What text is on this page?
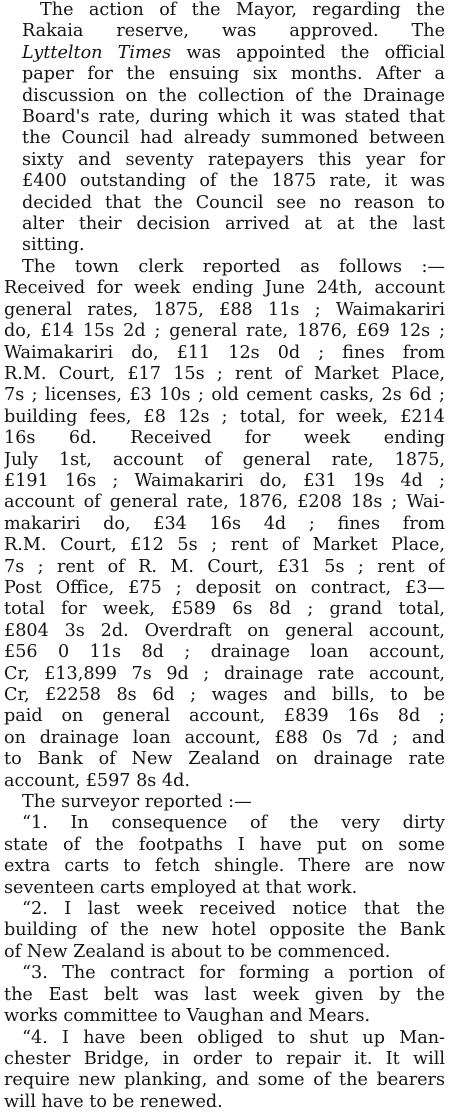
The action of the Mayor, regarding the
Rakaia reserve, was approved. The
Lyttelton Times was appointed the official
paper for the ensuing six months. After a
discussion on the collection of the Drainage
Board's rate, during which it was stated that
the Council had already summoned between
sixty and seventy ratepayers this year for
£400 outstanding of the 1875 rate, it was
decided that the Council see no reason to
alter their decision arrived at at the last
sitting.
The town clerk reported as follows :—
Received for week ending June 24th, account
general rates, 1875, £88 11s ; Waimakariri
do, £14 15s 2d ; general rate, 1876, £69 12s ;
Waimakariri do, £11 12s 0d ; fines from
R.M. Court, £17 15s ; rent of Market Place,
7s ; licenses, £3 10s ; old cement casks, 2s 6d ;
building fees, £8 12s ; total, for week, £214
16s 6d. Received for week ending
July 1st, account of general rate, 1875,
£191 16s ; Waimakariri do, £31 19s 4d ;
account of general rate, 1876, £208 18s ; Wai-
makariri do, £34 16s 4d ; fines from
R.M. Court, £12 5s ; rent of Market Place,
7s ; rent of R. M. Court, £31 5s ; rent of
Post Office, £75 ; deposit on contract, £3—
total for week, £589 6s 8d ; grand total,
£804 3s 2d. Overdraft on general account,
£56 0 11s 8d ; drainage loan account,
Cr, £13,899 7s 9d ; drainage rate account,
Cr, £2258 8s 6d ; wages and bills, to be
paid on general account, £839 16s 8d ;
on drainage loan account, £88 0s 7d ; and
to Bank of New Zealand on drainage rate
account, £597 8s 4d.
The surveyor reported :—
“1. In consequence of the very dirty
state of the footpaths I have put on some
extra carts to fetch shingle. There are now
seventeen carts employed at that work.
“2. I last week received notice that the
building of the new hotel opposite the Bank
of New Zealand is about to be commenced.
“3. The contract for forming a portion of
the East belt was last week given by the
works committee to Vaughan and Mears.
“4. I have been obliged to shut up Man-
chester Bridge, in order to repair it. It will
require new planking, and some of the bearers
will have to be renewed.
